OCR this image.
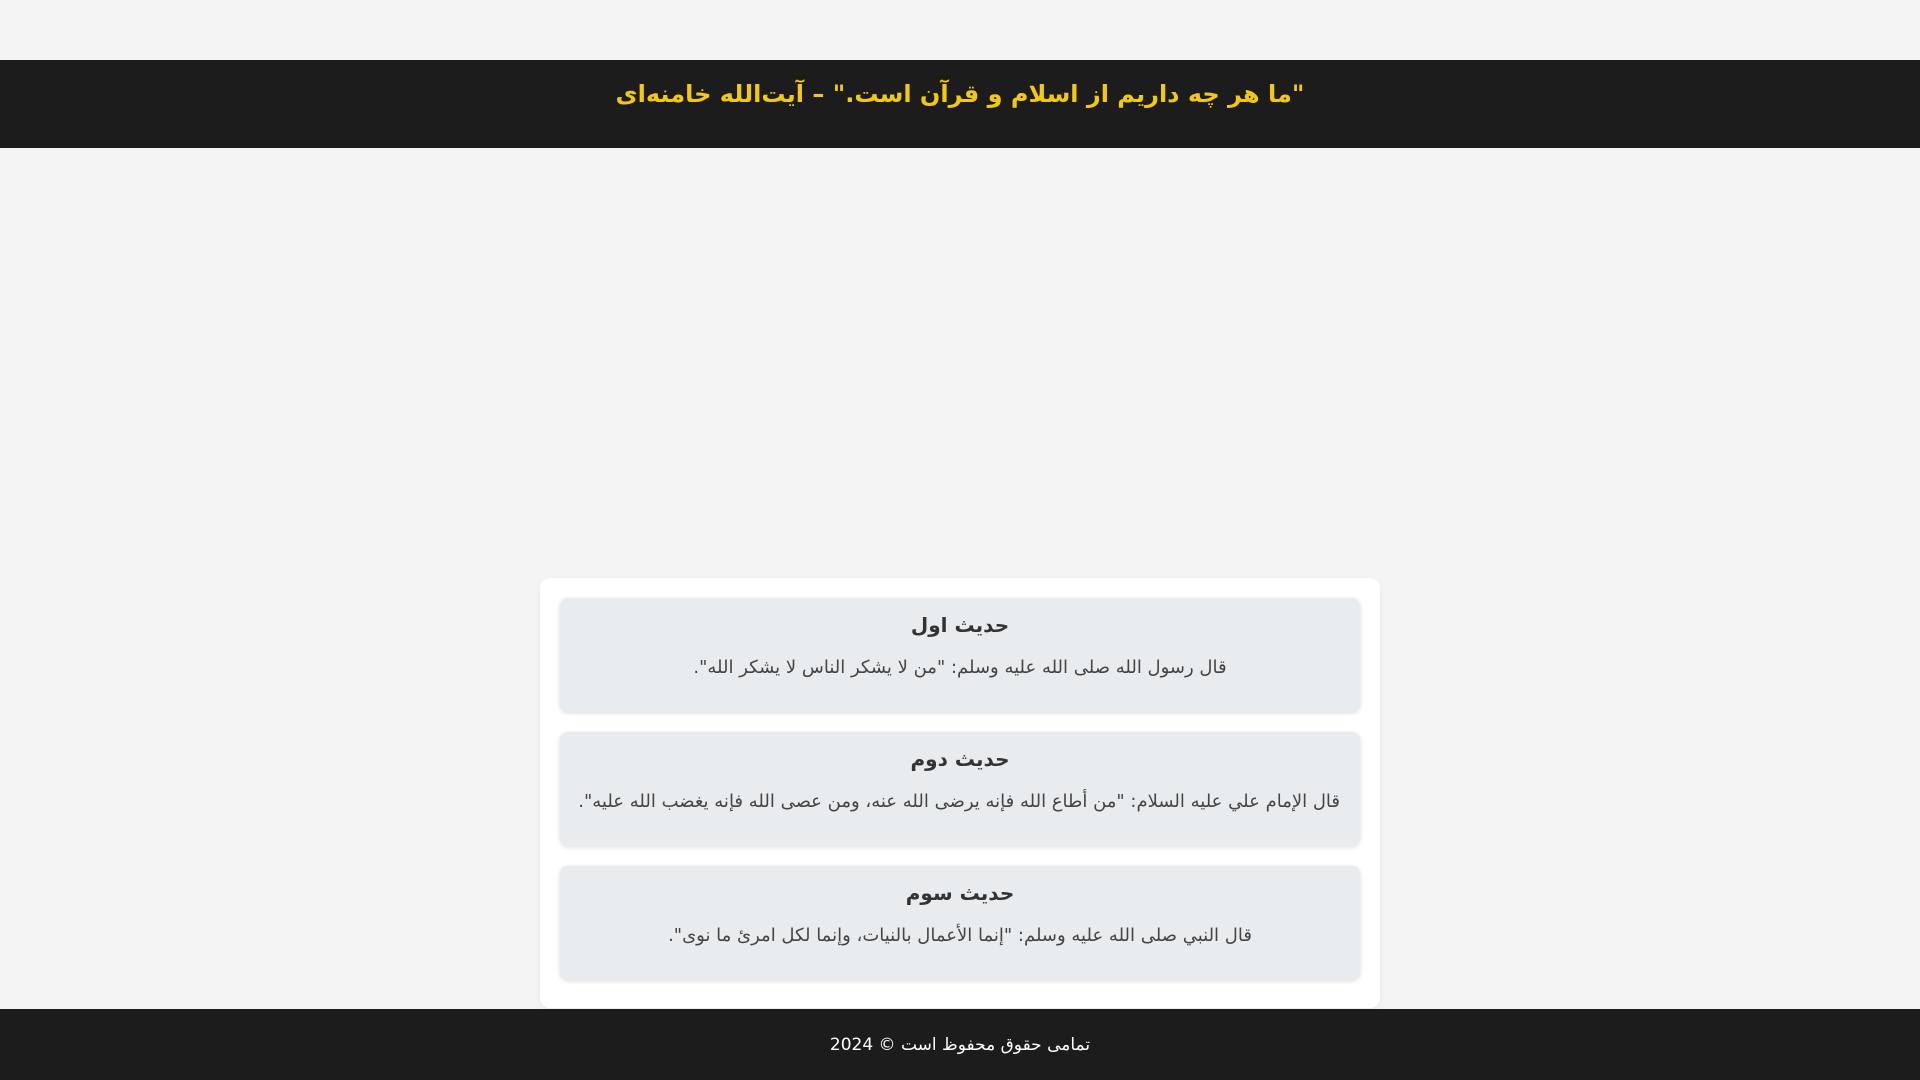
"ما هر چه داریم از اسلام و قرآن است." – آیت‌الله خامنه‌ای
حدیث اول

قال رسول الله صلى الله عليه وسلم: "من لا يشكر الناس لا يشكر الله".

حدیث دوم

قال الإمام علي عليه السلام: "من أطاع الله فإنه يرضى الله عنه، ومن عصى الله فإنه يغضب الله عليه".

حدیث سوم

قال النبي صلى الله عليه وسلم: "إنما الأعمال بالنيات، وإنما لكل امرئ ما نوى".

تمامی حقوق محفوظ است © 2024
